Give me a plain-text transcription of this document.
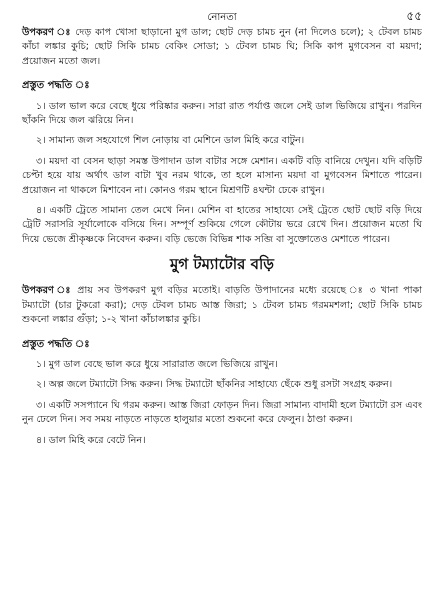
নোনতা	৫৫

উপকরণ ঃ দেড় কাপ খোসা ছাড়ানো মুগ ডাল; ছোট দেড় চামচ নুন (না দিলেও চলে); ২ টেবল চামচ কাঁচা লঙ্কার কুচি; ছোট সিকি চামচ বেকিং সোডা; ১ টেবল চামচ ঘি; সিকি কাপ মুগবেসন বা ময়দা; প্রয়োজন মতো জল।

প্রস্তুত পদ্ধতি ঃ

১। ডাল ভাল করে বেছে ধুয়ে পরিষ্কার করুন। সারা রাত পর্যাপ্ত জলে সেই ডাল ভিজিয়ে রাখুন। পরদিন ছাঁকনি দিয়ে জল ঝরিয়ে নিন।

২। সামান্য জল সহযোগে শিল নোড়ায় বা মেশিনে ডাল মিহি করে বাটুন।

৩। ময়দা বা বেসন ছাড়া সমস্ত উপাদান ডাল বাটার সঙ্গে মেশান। একটি বড়ি বানিয়ে দেখুন। যদি বড়িটি চেপ্টা হয়ে যায় অর্থাৎ ডাল বাটা খুব নরম থাকে, তা হলে মাসান্য ময়দা বা মুগবেসন মিশাতে পারেন। প্রয়োজন না থাকলে মিশাবেন না। কোনও গরম স্থানে মিশ্রণটি ৪ঘন্টা ঢেকে রাখুন।

৪। একটি ট্রেতে সামান্য তেল মেখে নিন। মেশিন বা হাতের সাহায্যে সেই ট্রেতে ছোট ছোট বড়ি দিয়ে ট্রেটি সরাসরি সূর্যালোকে বসিয়ে দিন। সম্পূর্ণ শুকিয়ে গেলে কৌটায় ভরে রেখে দিন। প্রয়োজন মতো ঘি দিয়ে ভেজে শ্রীকৃষ্ণকে নিবেদন করুন। বড়ি ভেজে বিভিন্ন শাক সব্জি বা সুক্তোতেও মেশাতে পারেন।

মুগ টম্যাটোর বড়ি

উপকরণ ঃ প্রায় সব উপকরণ মুগ বড়ির মতোই। বাড়তি উপাদানের মধ্যে রয়েছে ঃ ৩ খানা পাকা টম্যাটো (চার টুকরো করা); দেড় টেবল চামচ আস্ত জিরা; ১ টেবল চামচ গরমমশলা; ছোট সিকি চামচ শুকনো লঙ্কার গুঁড়া; ১-২ খানা কাঁচালঙ্কার কুচি।

প্রস্তুত পদ্ধতি ঃ

১। মুগ ডাল বেছে ভাল করে ধুয়ে সারারাত জলে ভিজিয়ে রাখুন।

২। অল্প জলে টম্যাটো সিদ্ধ করুন। সিদ্ধ টম্যাটো ছাঁকনির সাহায্যে ছেঁকে শুধু রসটা সংগ্রহ করুন।

৩। একটি সসপ্যানে ঘি গরম করুন। আস্ত জিরা ফোড়ন দিন। জিরা সামান্য বাদামী হলে টম্যাটো রস এবং নুন ঢেলে দিন। সব সময় নাড়তে নাড়তে হালুয়ার মতো শুকনো করে ফেলুন। ঠাণ্ডা করুন।

৪। ডাল মিহি করে বেটে নিন।
